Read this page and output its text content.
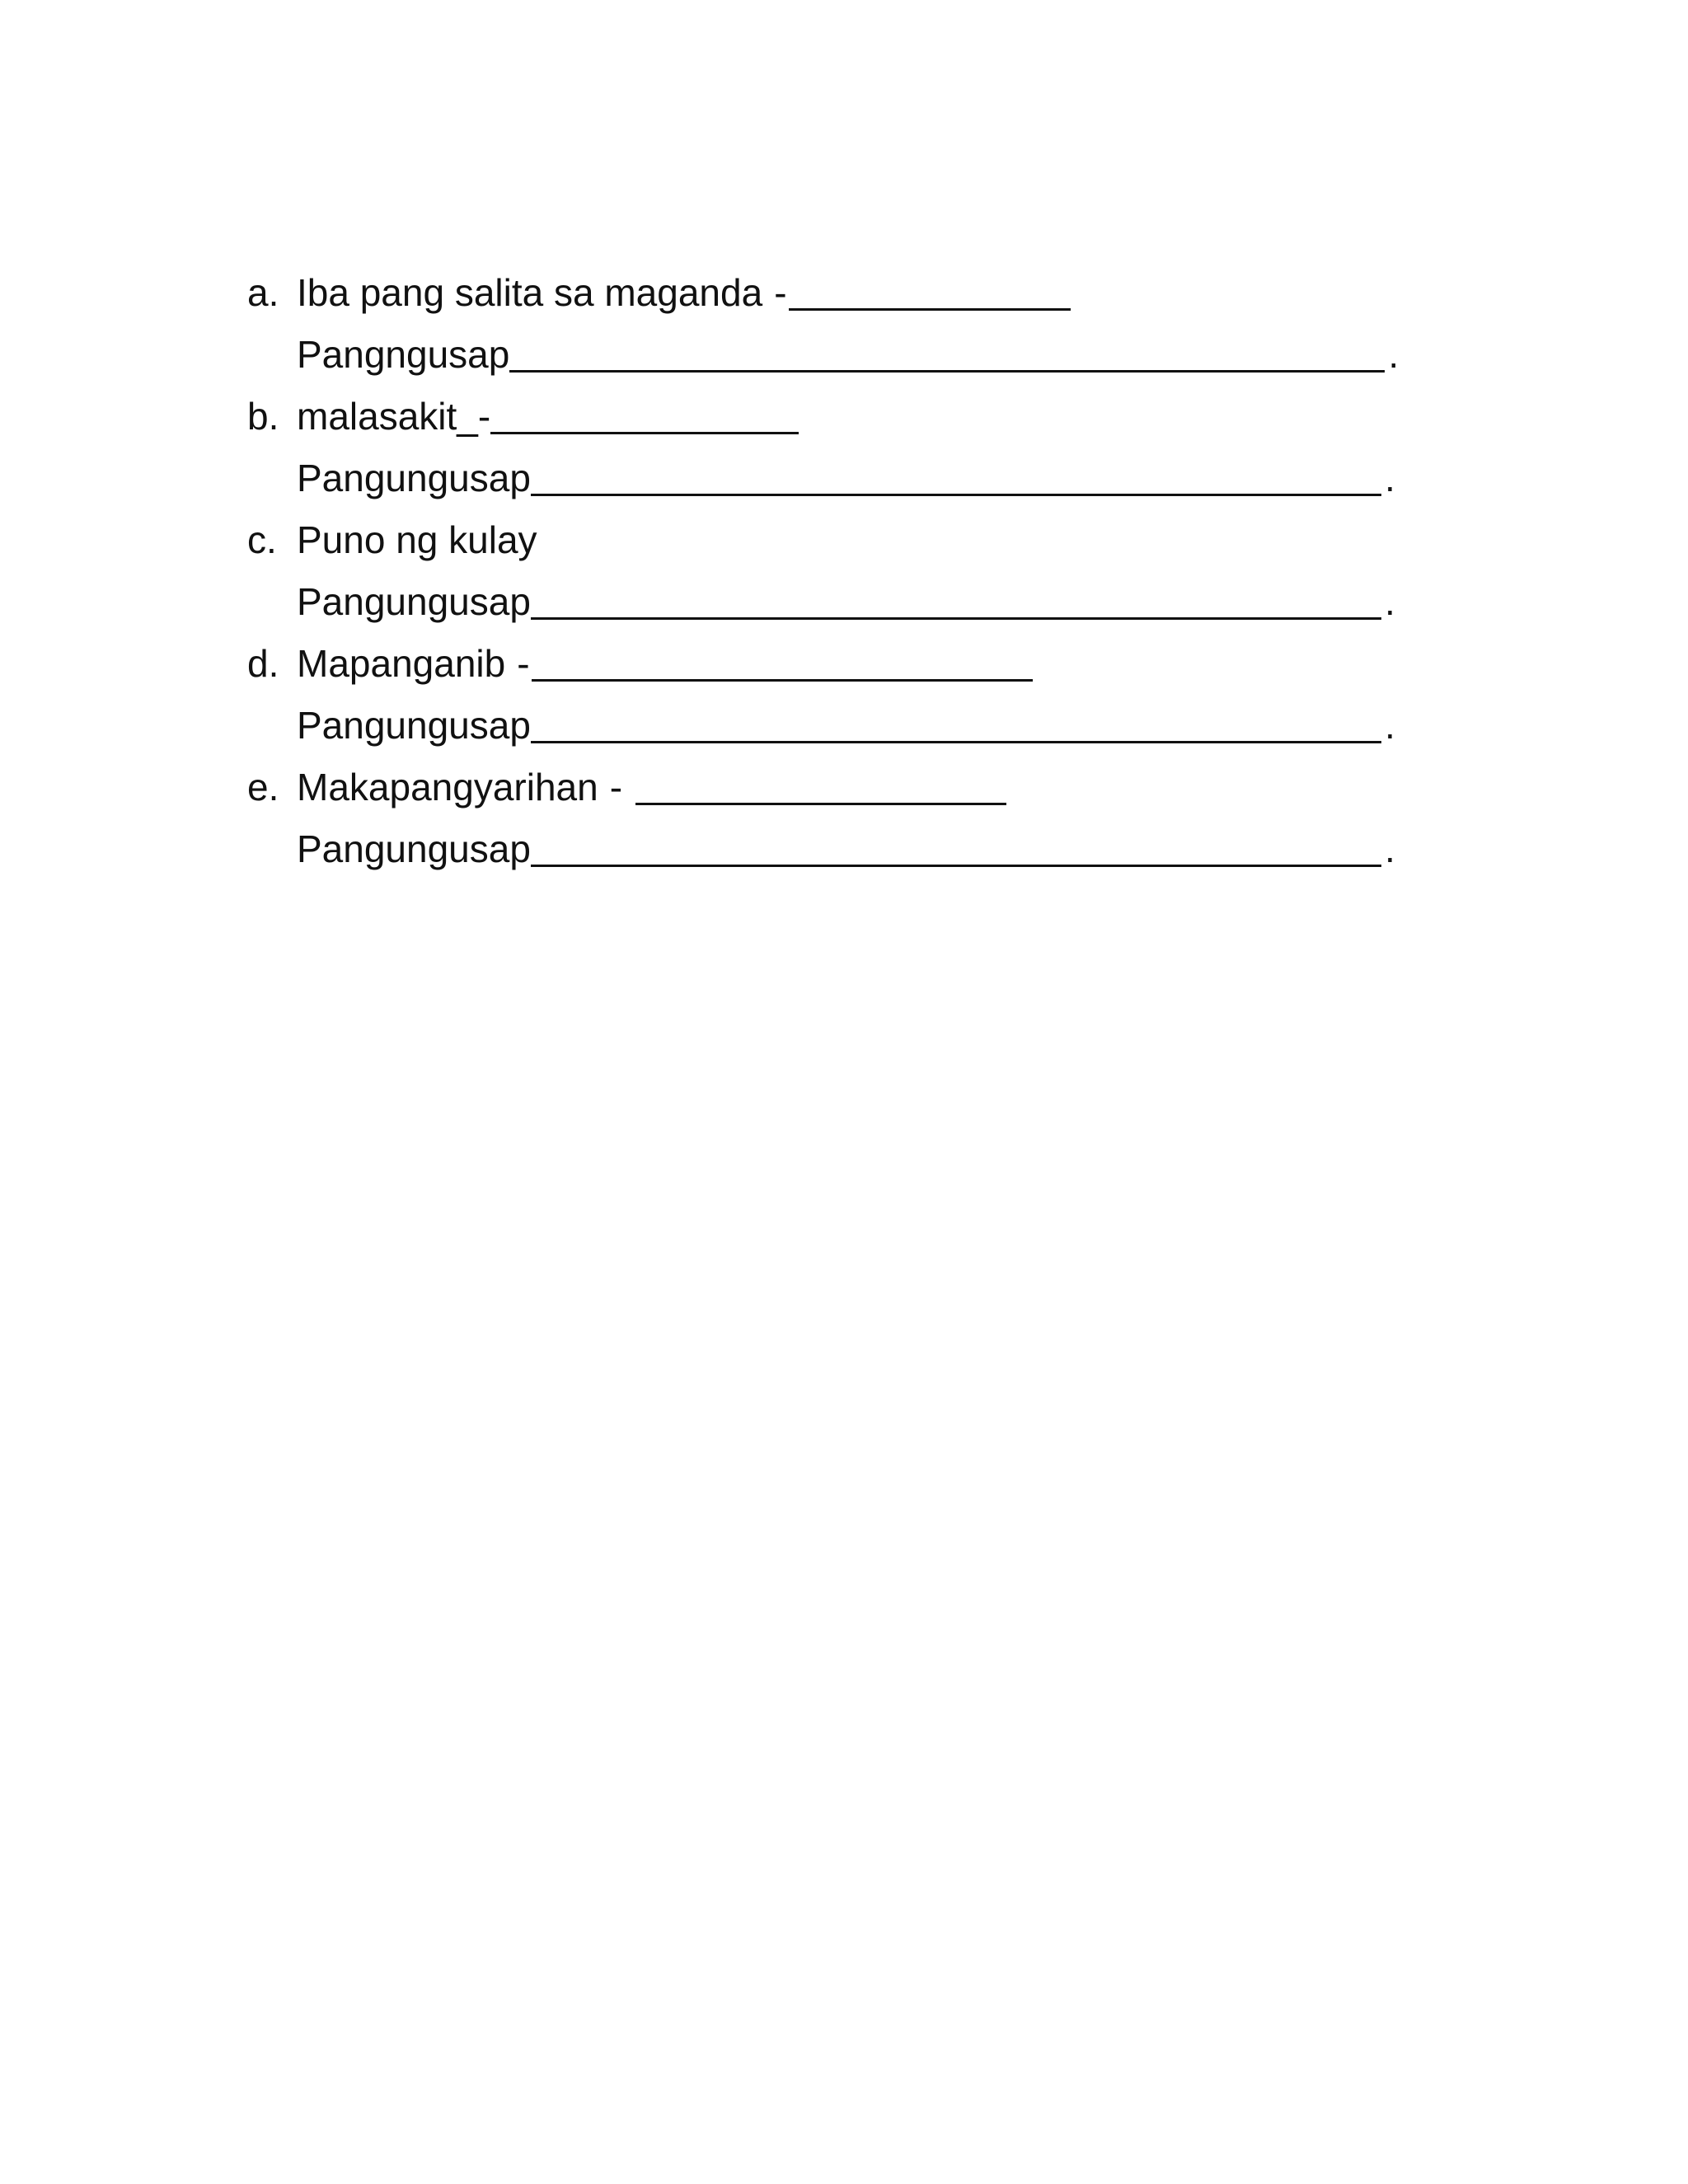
a. Iba pang salita sa maganda -
Pangngusap	.
b. malasakit_ -
Pangungusap	.
c. Puno ng kulay
Pangungusap	.
d. Mapanganib -
Pangungusap	.
e. Makapangyarihan -
Pangungusap	.
